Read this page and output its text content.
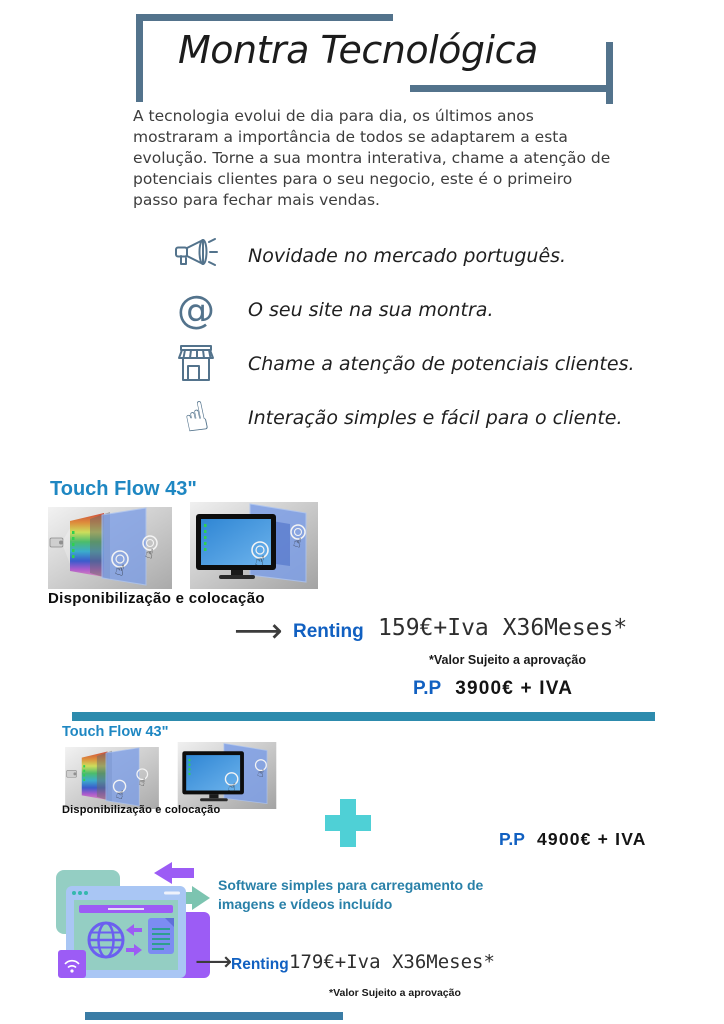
Montra Tecnológica
A tecnologia evolui de dia para dia, os últimos anos mostraram a importância de todos se adaptarem a esta evolução. Torne a sua montra interativa, chame a atenção de potenciais clientes para o seu negocio, este é o primeiro passo para fechar mais vendas.
Novidade no mercado português.
@ O seu site na sua montra.
Chame a atenção de potenciais clientes.
☝ Interação simples e fácil para o cliente.
Touch Flow 43"
☝
☝	☝
☝
Disponibilização e colocação
⟶ Renting 159€+Iva X36Meses*
*Valor Sujeito a aprovação
P.P 3900€ + IVA
Touch Flow 43"
☝
☝	☝
☝
Disponibilização e colocação
P.P 4900€ + IVA
Software simples para carregamento de imagens e vídeos incluído
⟶
Renting 179€+Iva X36Meses*
*Valor Sujeito a aprovação
